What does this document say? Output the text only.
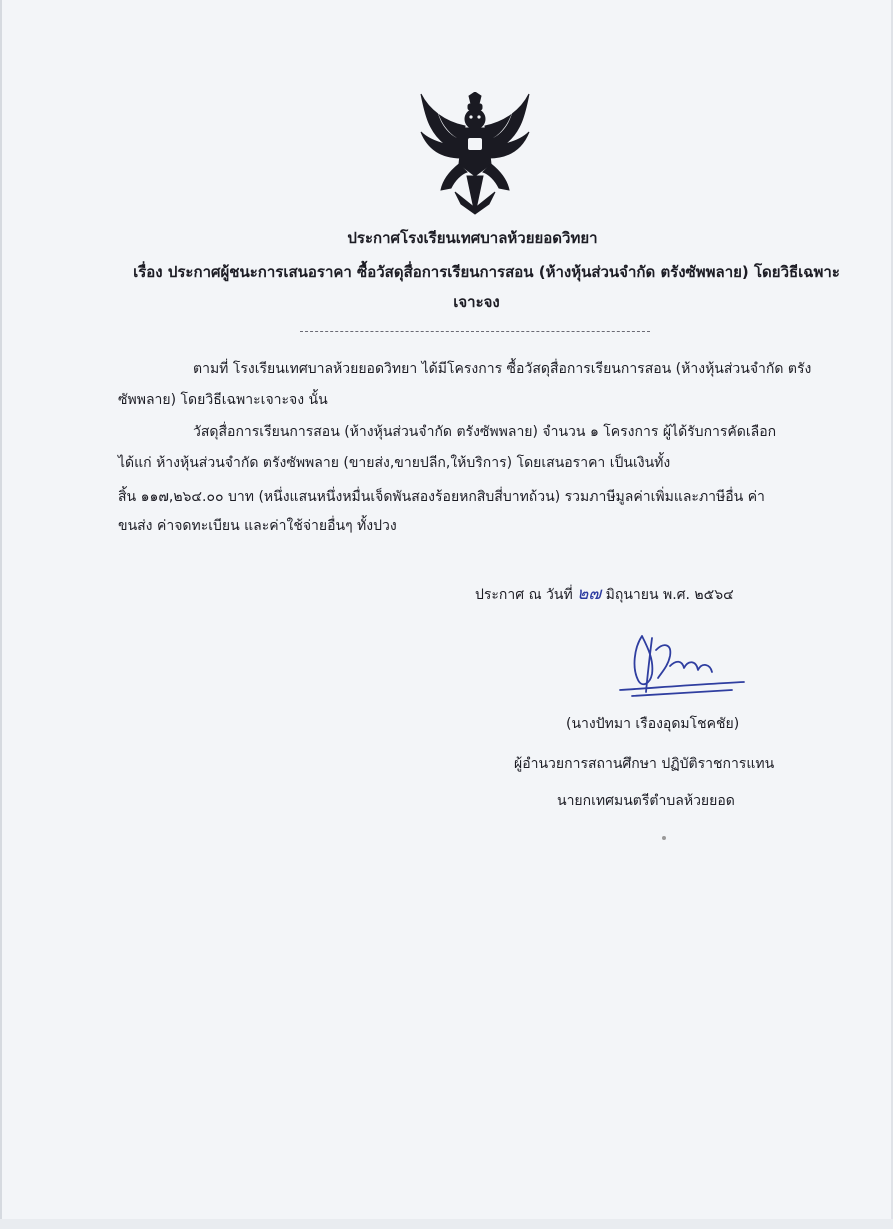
ประกาศโรงเรียนเทศบาลห้วยยอดวิทยา
เรื่อง ประกาศผู้ชนะการเสนอราคา ซื้อวัสดุสื่อการเรียนการสอน (ห้างหุ้นส่วนจำกัด ตรังซัพพลาย) โดยวิธีเฉพาะ
เจาะจง
ตามที่ โรงเรียนเทศบาลห้วยยอดวิทยา ได้มีโครงการ ซื้อวัสดุสื่อการเรียนการสอน (ห้างหุ้นส่วนจำกัด ตรัง
ซัพพลาย) โดยวิธีเฉพาะเจาะจง นั้น
วัสดุสื่อการเรียนการสอน (ห้างหุ้นส่วนจำกัด ตรังซัพพลาย) จำนวน ๑ โครงการ ผู้ได้รับการคัดเลือก
ได้แก่ ห้างหุ้นส่วนจำกัด ตรังซัพพลาย (ขายส่ง,ขายปลีก,ให้บริการ) โดยเสนอราคา เป็นเงินทั้ง
สิ้น ๑๑๗,๒๖๔.๐๐ บาท (หนึ่งแสนหนึ่งหมื่นเจ็ดพันสองร้อยหกสิบสี่บาทถ้วน) รวมภาษีมูลค่าเพิ่มและภาษีอื่น ค่า
ขนส่ง ค่าจดทะเบียน และค่าใช้จ่ายอื่นๆ ทั้งปวง
ประกาศ ณ วันที่ ๒๗ มิถุนายน พ.ศ. ๒๕๖๔
(นางปัทมา เรืองอุดมโชคชัย)
ผู้อำนวยการสถานศึกษา ปฏิบัติราชการแทน
นายกเทศมนตรีตำบลห้วยยอด
